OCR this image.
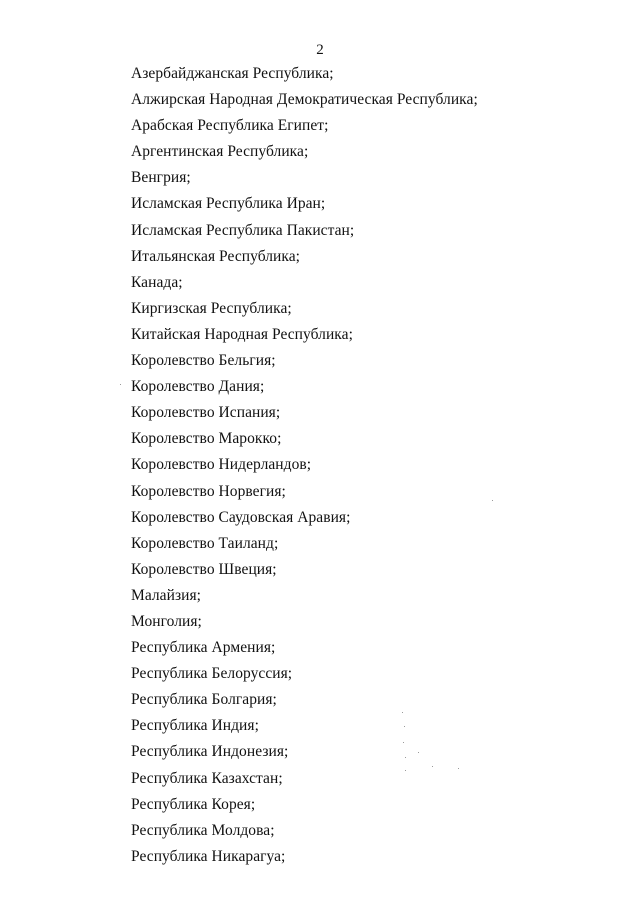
2
Азербайджанская Республика;
Алжирская Народная Демократическая Республика;
Арабская Республика Египет;
Аргентинская Республика;
Венгрия;
Исламская Республика Иран;
Исламская Республика Пакистан;
Итальянская Республика;
Канада;
Киргизская Республика;
Китайская Народная Республика;
Королевство Бельгия;
Королевство Дания;
Королевство Испания;
Королевство Марокко;
Королевство Нидерландов;
Королевство Норвегия;
Королевство Саудовская Аравия;
Королевство Таиланд;
Королевство Швеция;
Малайзия;
Монголия;
Республика Армения;
Республика Белоруссия;
Республика Болгария;
Республика Индия;
Республика Индонезия;
Республика Казахстан;
Республика Корея;
Республика Молдова;
Республика Никарагуа;
